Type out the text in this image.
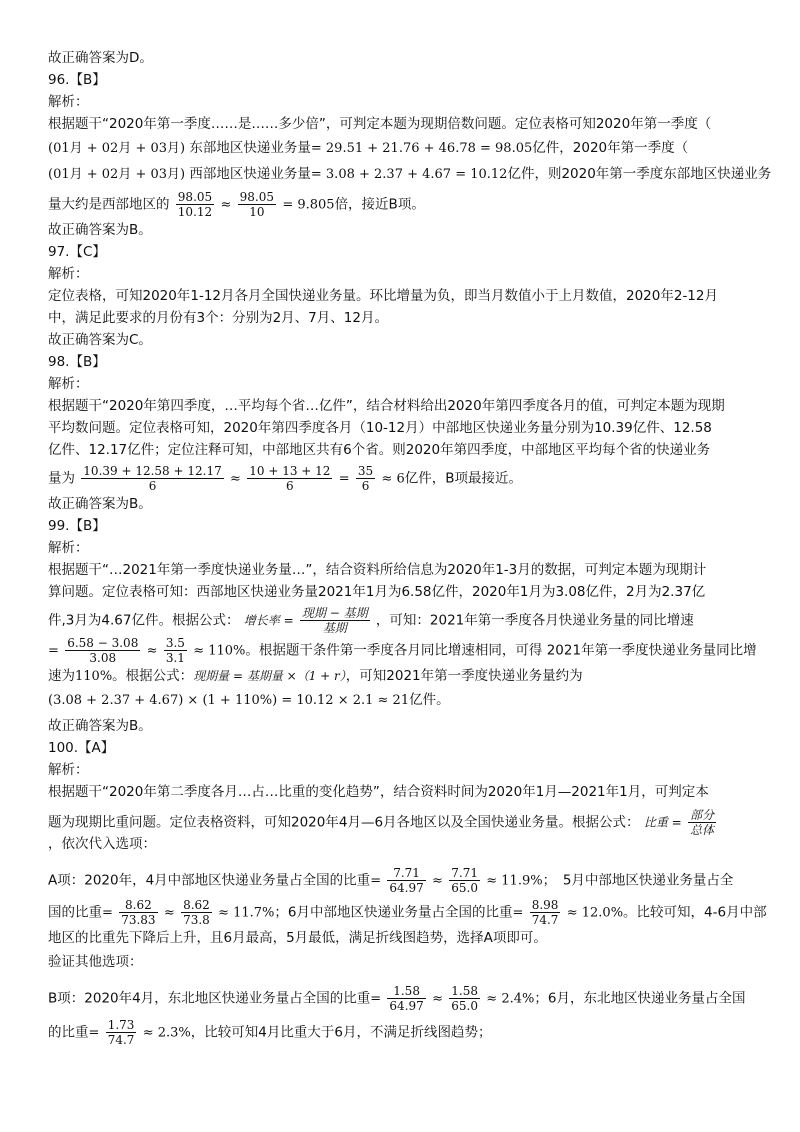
故正确答案为D。
96.【B】
解析：
根据题干“2020年第一季度……是……多少倍”，可判定本题为现期倍数问题。定位表格可知2020年第一季度（
(01月 + 02月 + 03月) 东部地区快递业务量= 29.51 + 21.76 + 46.78 = 98.05亿件，2020年第一季度（
(01月 + 02月 + 03月) 西部地区快递业务量= 3.08 + 2.37 + 4.67 = 10.12亿件，则2020年第一季度东部地区快递业务
量大约是西部地区的 $\frac{98.05}{10.12} \approx \frac{98.05}{10} = 9.805$倍，接近B项。
故正确答案为B。
97.【C】
解析：
定位表格，可知2020年1-12月各月全国快递业务量。环比增量为负，即当月数值小于上月数值，2020年2-12月
中，满足此要求的月份有3个：分别为2月、7月、12月。
故正确答案为C。
98.【B】
解析：
根据题干“2020年第四季度，…平均每个省…亿件”，结合材料给出2020年第四季度各月的值，可判定本题为现期
平均数问题。定位表格可知，2020年第四季度各月（10-12月）中部地区快递业务量分别为10.39亿件、12.58
亿件、12.17亿件；定位注释可知，中部地区共有6个省。则2020年第四季度，中部地区平均每个省的快递业务
量为 $\frac{10.39 + 12.58 + 12.17}{6} \approx \frac{10 + 13 + 12}{6} = \frac{35}{6} \approx 6$亿件，B项最接近。
故正确答案为B。
99.【B】
解析：
根据题干“…2021年第一季度快递业务量…”，结合资料所给信息为2020年1-3月的数据，可判定本题为现期计
算问题。定位表格可知：西部地区快递业务量2021年1月为6.58亿件，2020年1月为3.08亿件，2月为2.37亿
件,3月为4.67亿件。根据公式： 增长率 = $\frac{\text{现期 − 基期}}{\text{基期}}$ ，可知：2021年第一季度各月快递业务量的同比增速
= $\frac{6.58 - 3.08}{3.08} \approx \frac{3.5}{3.1} \approx 110\%$。根据题干条件第一季度各月同比增速相同，可得 2021年第一季度快递业务量同比增
速为110%。根据公式：现期量 = 基期量 ×（1 + r），可知2021年第一季度快递业务量约为
(3.08 + 2.37 + 4.67) × (1 + 110%) = 10.12 × 2.1 ≈ 21亿件。
故正确答案为B。
100.【A】
解析：
根据题干“2020年第二季度各月…占…比重的变化趋势”，结合资料时间为2020年1月—2021年1月，可判定本
题为现期比重问题。定位表格资料，可知2020年4月—6月各地区以及全国快递业务量。根据公式： 比重 = $\frac{\text{部分}}{\text{总体}}$
，依次代入选项：
A项：2020年，4月中部地区快递业务量占全国的比重= $\frac{7.71}{64.97} \approx \frac{7.71}{65.0} \approx 11.9\%$；　5月中部地区快递业务量占全
国的比重= $\frac{8.62}{73.83} \approx \frac{8.62}{73.8} \approx 11.7\%$；6月中部地区快递业务量占全国的比重= $\frac{8.98}{74.7} \approx 12.0\%$。比较可知，4-6月中部
地区的比重先下降后上升，且6月最高，5月最低，满足折线图趋势，选择A项即可。
验证其他选项：
B项：2020年4月，东北地区快递业务量占全国的比重= $\frac{1.58}{64.97} \approx \frac{1.58}{65.0} \approx 2.4\%$；6月，东北地区快递业务量占全国
的比重= $\frac{1.73}{74.7} \approx 2.3\%$，比较可知4月比重大于6月，不满足折线图趋势；
